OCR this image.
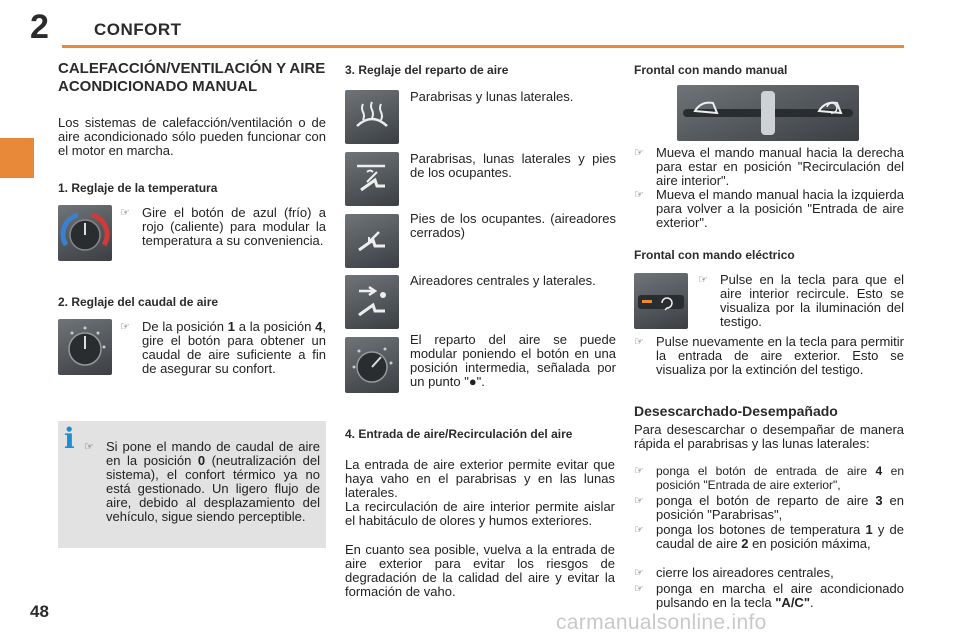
2	CONFORT
CALEFACCIÓN/VENTILACIÓN Y AIRE ACONDICIONADO MANUAL
Los sistemas de calefacción/ventilación o de aire acondicionado sólo pueden funcionar con el motor en marcha.
1. Reglaje de la temperatura
☞ Gire el botón de azul (frío) a rojo (caliente) para modular la temperatura a su conveniencia.
2. Reglaje del caudal de aire
☞ De la posición 1 a la posición 4, gire el botón para obtener un caudal de aire suficiente a fin de asegurar su confort.
i ☞ Si pone el mando de caudal de aire en la posición 0 (neutralización del sistema), el confort térmico ya no está gestionado. Un ligero flujo de aire, debido al desplazamiento del vehículo, sigue siendo perceptible.
3. Reglaje del reparto de aire
Parabrisas y lunas laterales.
Parabrisas, lunas laterales y pies de los ocupantes.
Pies de los ocupantes. (aireadores cerrados)
Aireadores centrales y laterales.
El reparto del aire se puede modular poniendo el botón en una posición intermedia, señalada por un punto "●".
4. Entrada de aire/Recirculación del aire
La entrada de aire exterior permite evitar que haya vaho en el parabrisas y en las lunas laterales.
La recirculación de aire interior permite aislar el habitáculo de olores y humos exteriores.
En cuanto sea posible, vuelva a la entrada de aire exterior para evitar los riesgos de degradación de la calidad del aire y evitar la formación de vaho.
Frontal con mando manual
☞ Mueva el mando manual hacia la derecha para estar en posición "Recirculación del aire interior".
☞ Mueva el mando manual hacia la izquierda para volver a la posición "Entrada de aire exterior".
Frontal con mando eléctrico
☞ Pulse en la tecla para que el aire interior recircule. Esto se visualiza por la iluminación del testigo.
☞ Pulse nuevamente en la tecla para permitir la entrada de aire exterior. Esto se visualiza por la extinción del testigo.
Desescarchado-Desempañado
Para desescarchar o desempañar de manera rápida el parabrisas y las lunas laterales:
☞	ponga el botón de entrada de aire 4 en posición "Entrada de aire exterior",
☞ ponga el botón de reparto de aire 3 en posición "Parabrisas",
☞ ponga los botones de temperatura 1 y de caudal de aire 2 en posición máxima,
☞ cierre los aireadores centrales,
☞ ponga en marcha el aire acondicionado pulsando en la tecla "A/C".
48	carmanualsonline.info
